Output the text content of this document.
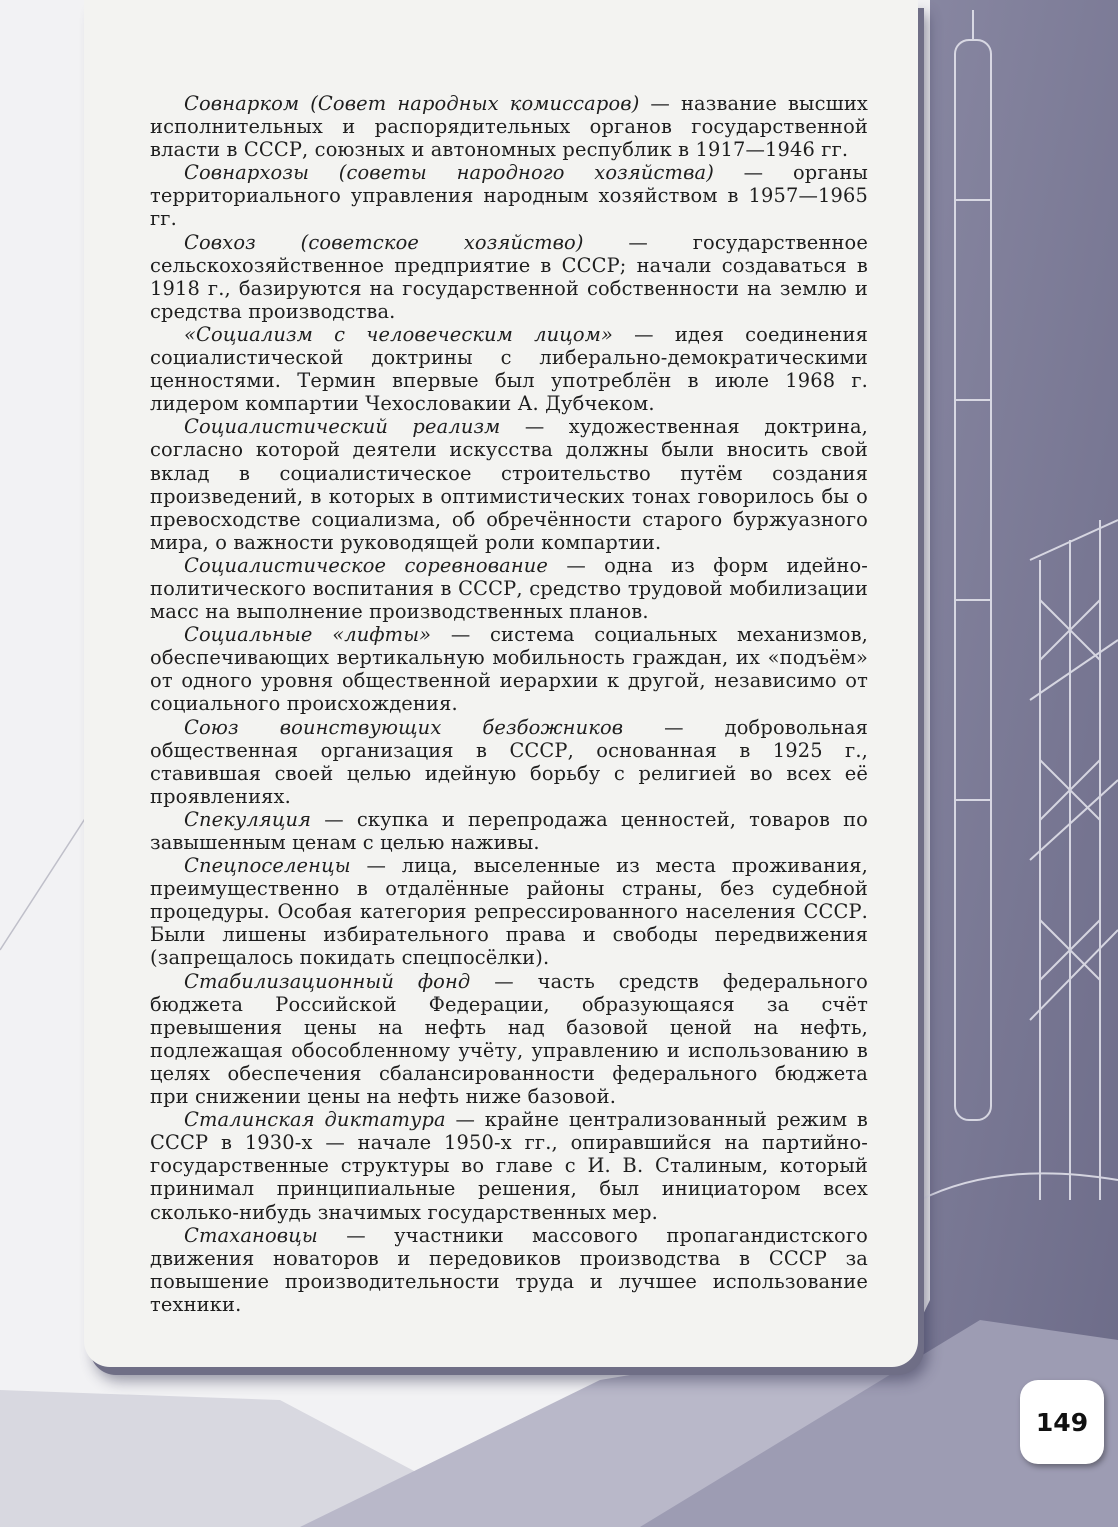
Совнарком (Совет народных комиссаров) — название высших исполнительных и распорядительных органов государственной власти в СССР, союзных и автономных республик в 1917—1946 гг.

Совнархозы (советы народного хозяйства) — органы территориального управления народным хозяйством в 1957—1965 гг.

Совхоз (советское хозяйство) — государственное сельскохозяйственное предприятие в СССР; начали создаваться в 1918 г., базируются на государственной собственности на землю и средства производства.

«Социализм с человеческим лицом» — идея соединения социалистической доктрины с либерально-демократическими ценностями. Термин впервые был употреблён в июле 1968 г. лидером компартии Чехословакии А. Дубчеком.

Социалистический реализм — художественная доктрина, согласно которой деятели искусства должны были вносить свой вклад в социалистическое строительство путём создания произведений, в которых в оптимистических тонах говорилось бы о превосходстве социализма, об обречённости старого буржуазного мира, о важности руководящей роли компартии.

Социалистическое соревнование — одна из форм идейно-политического воспитания в СССР, средство трудовой мобилизации масс на выполнение производственных планов.

Социальные «лифты» — система социальных механизмов, обеспечивающих вертикальную мобильность граждан, их «подъём» от одного уровня общественной иерархии к другой, независимо от социального происхождения.

Союз воинствующих безбожников — добровольная общественная организация в СССР, основанная в 1925 г., ставившая своей целью идейную борьбу с религией во всех её проявлениях.

Спекуляция — скупка и перепродажа ценностей, товаров по завышенным ценам с целью наживы.

Спецпоселенцы — лица, выселенные из места проживания, преимущественно в отдалённые районы страны, без судебной процедуры. Особая категория репрессированного населения СССР. Были лишены избирательного права и свободы передвижения (запрещалось покидать спецпосёлки).

Стабилизационный фонд — часть средств федерального бюджета Российской Федерации, образующаяся за счёт превышения цены на нефть над базовой ценой на нефть, подлежащая обособленному учёту, управлению и использованию в целях обеспечения сбалансированности федерального бюджета при снижении цены на нефть ниже базовой.

Сталинская диктатура — крайне централизованный режим в СССР в 1930-х — начале 1950-х гг., опиравшийся на партийно-государственные структуры во главе с И. В. Сталиным, который принимал принципиальные решения, был инициатором всех сколько-нибудь значимых государственных мер.

Стахановцы — участники массового пропагандистского движения новаторов и передовиков производства в СССР за повышение производительности труда и лучшее использование техники.

149
